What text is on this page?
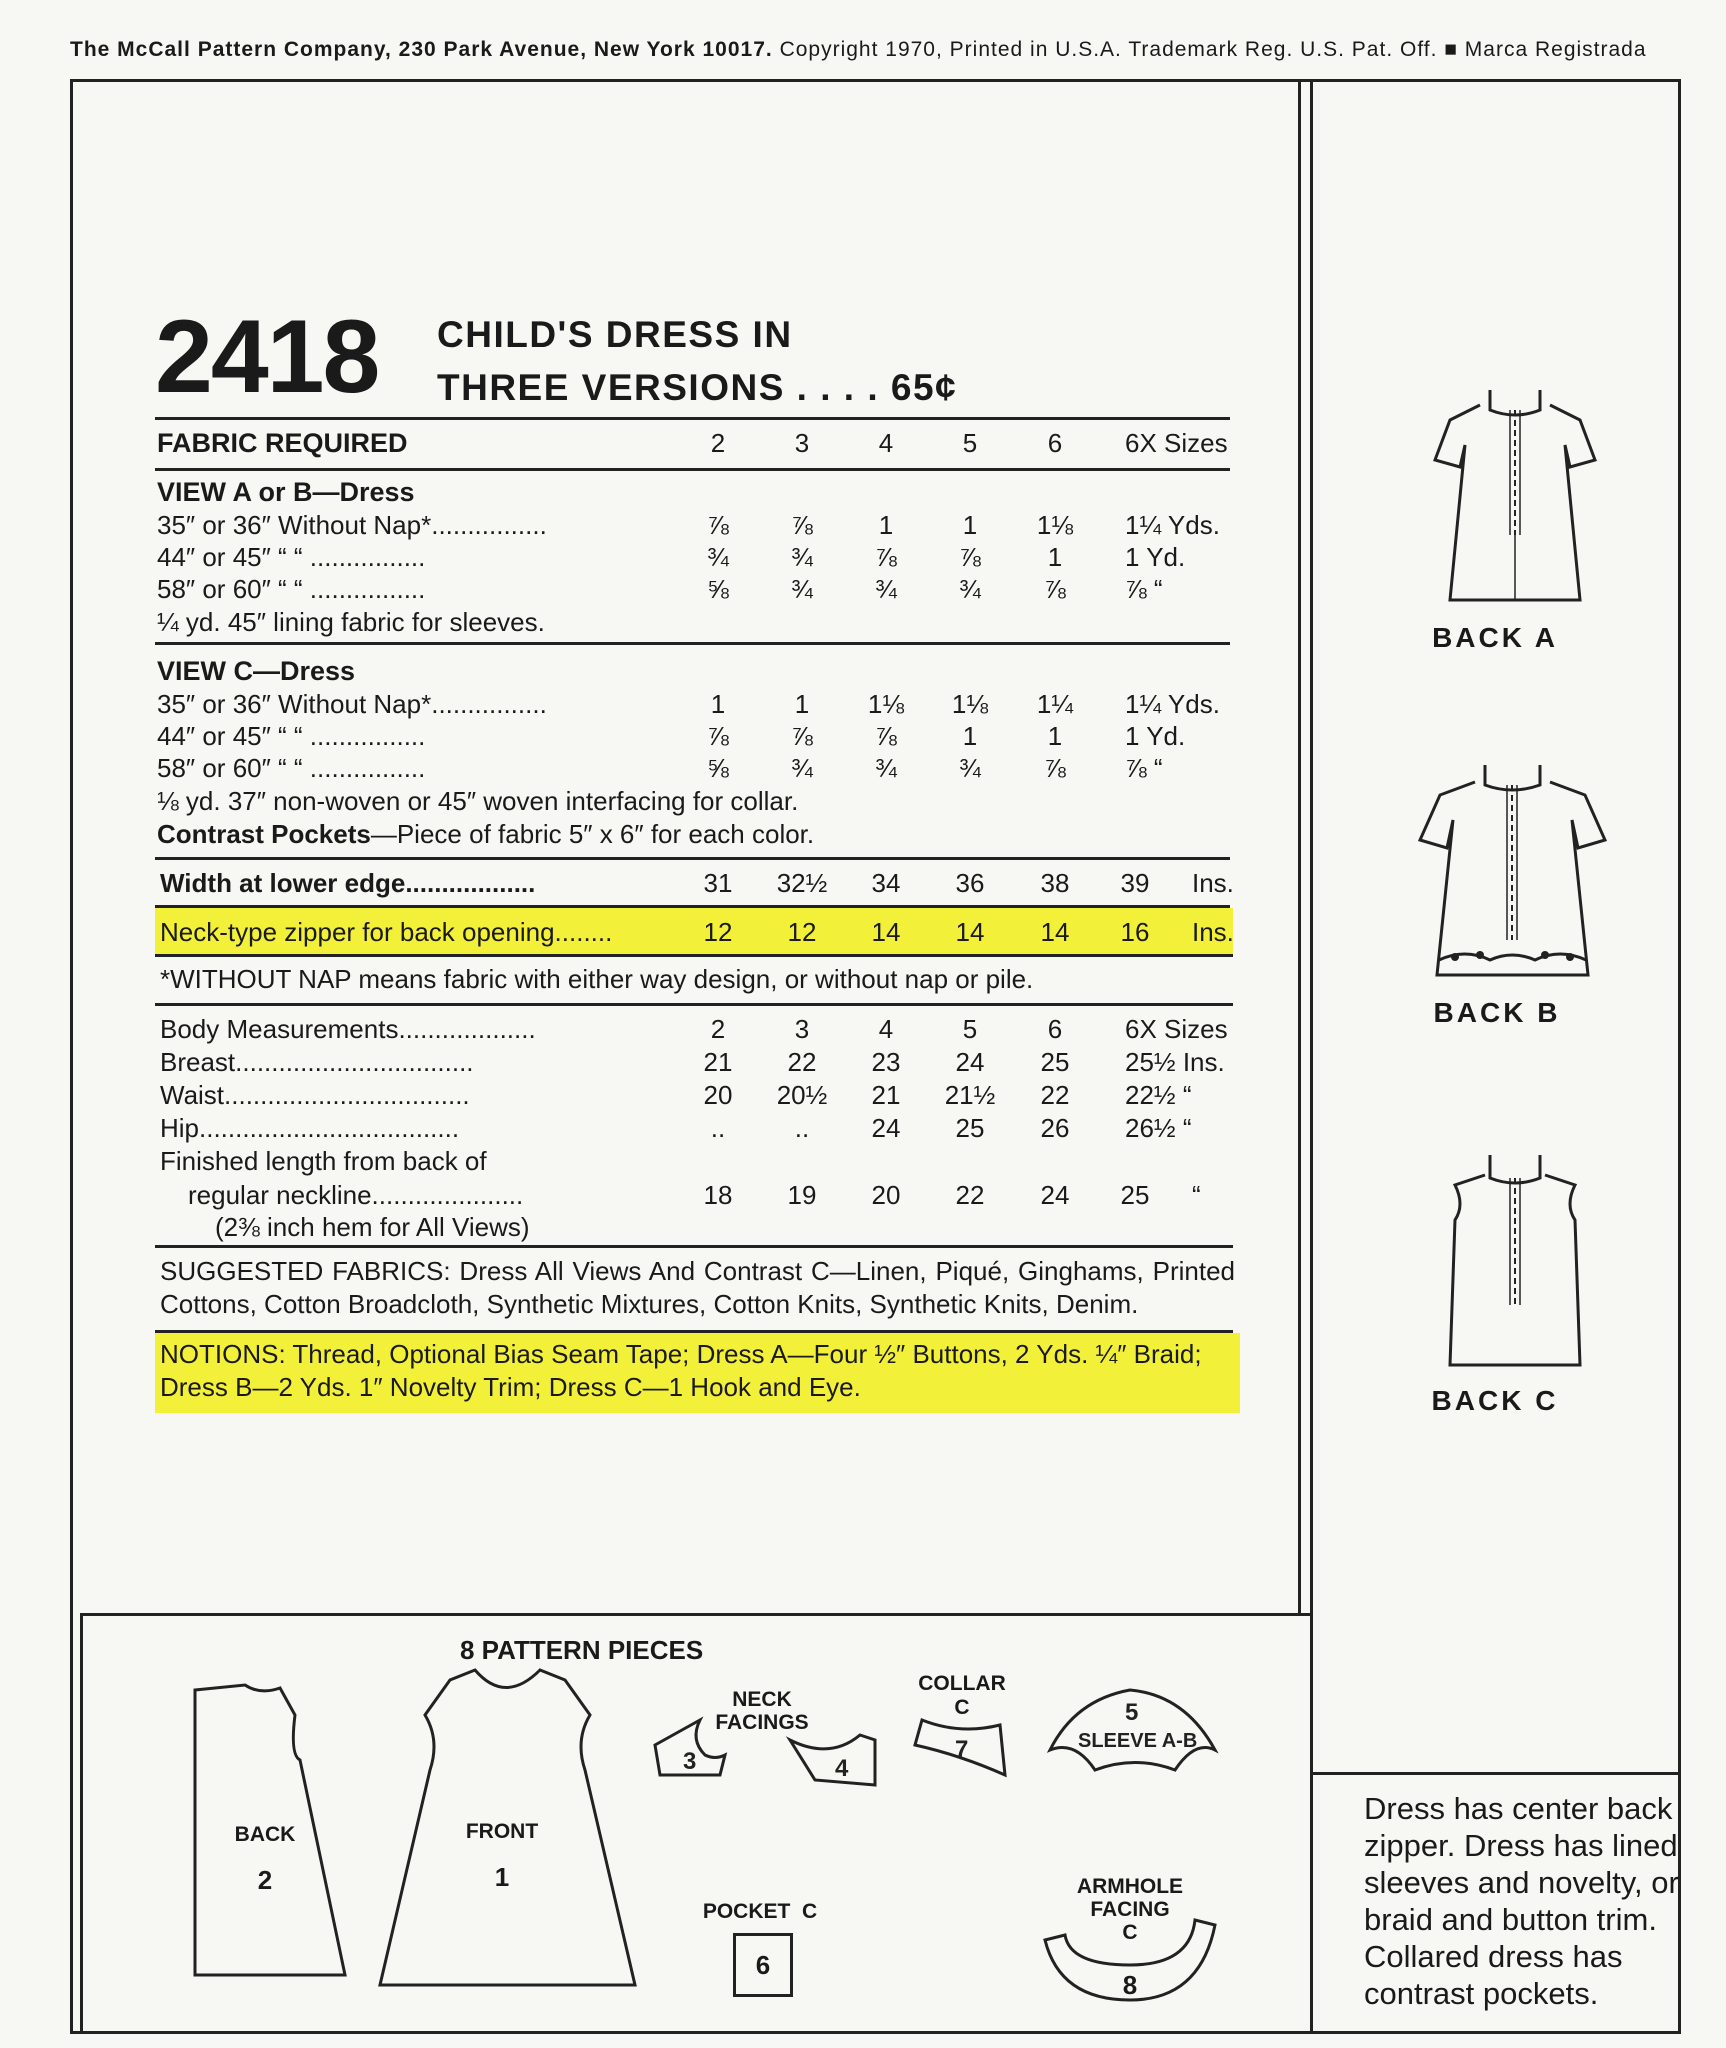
The McCall Pattern Company, 230 Park Avenue, New York 10017. Copyright 1970, Printed in U.S.A. Trademark Reg. U.S. Pat. Off. ■ Marca Registrada
2418 CHILD'S DRESS IN
THREE VERSIONS . . . . 65¢
FABRIC REQUIRED	2	3	4	5	6	6X Sizes
VIEW A or B—Dress
35″ or 36″ Without Nap*................	⅞	⅞	1	1	1⅛	1¼ Yds.
44″ or 45″ “ “ ................	¾	¾	⅞	⅞	1	1 Yd.
58″ or 60″ “ “ ................	⅝	¾	¾	¾	⅞	⅞ “
¼ yd. 45″ lining fabric for sleeves.
VIEW C—Dress
35″ or 36″ Without Nap*................	1	1	1⅛	1⅛	1¼	1¼ Yds.
44″ or 45″ “ “ ................	⅞	⅞	⅞	1	1	1 Yd.
58″ or 60″ “ “ ................	⅝	¾	¾	¾	⅞	⅞ “
⅛ yd. 37″ non-woven or 45″ woven interfacing for collar.
Contrast Pockets—Piece of fabric 5″ x 6″ for each color.
Width at lower edge..................	31	32½	34	36	38	39	Ins.
Neck-type zipper for back opening........	12	12	14	14	14	16	Ins.
*WITHOUT NAP means fabric with either way design, or without nap or pile.
Body Measurements...................	2	3	4	5	6	6X Sizes
Breast.................................	21	22	23	24	25	25½ Ins.
Waist..................................	20	20½	21	21½	22	22½ “
Hip....................................	..	..	24	25	26	26½ “
Finished length from back of
regular neckline.....................	18	19	20	22	24	25	“
(2⅜ inch hem for All Views)
SUGGESTED FABRICS: Dress All Views And Contrast C—Linen, Piqué, Ginghams, Printed Cottons, Cotton Broadcloth, Synthetic Mixtures, Cotton Knits, Synthetic Knits, Denim.
NOTIONS: Thread, Optional Bias Seam Tape; Dress A—Four ½″ Buttons, 2 Yds. ¼″ Braid;
Dress B—2 Yds. 1″ Novelty Trim; Dress C—1 Hook and Eye.
BACK A
BACK B
BACK C
Dress has center back zipper. Dress has lined sleeves and novelty, or braid and button trim. Collared dress has contrast pockets.
8 PATTERN PIECES
BACK
2
FRONT
1
NECK
FACINGS
3	4
COLLAR
C
7
5
SLEEVE A-B
POCKET  C
6
ARMHOLE
FACING
C
8
